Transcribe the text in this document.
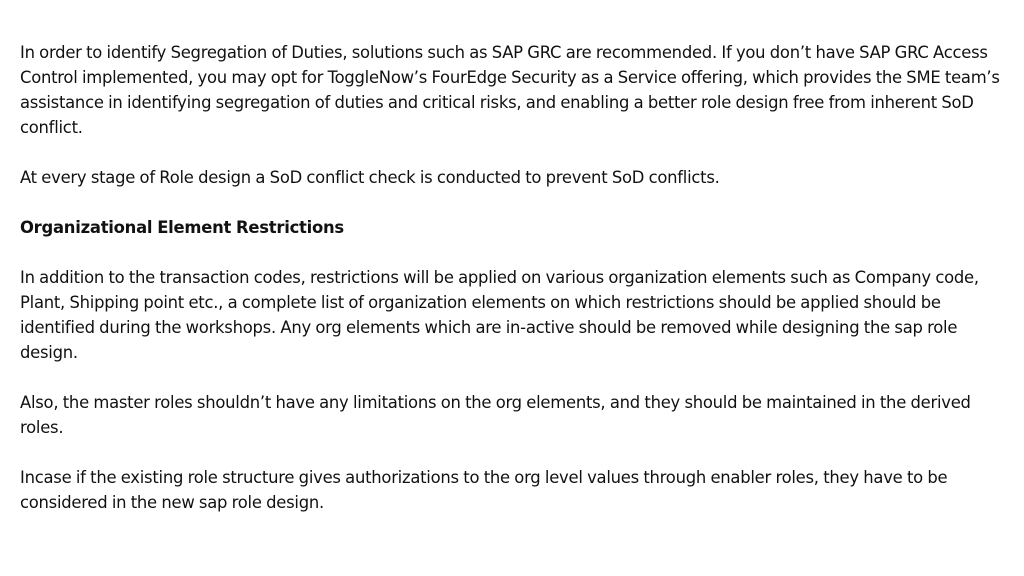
In order to identify Segregation of Duties, solutions such as SAP GRC are recommended. If you don’t have SAP GRC Access Control implemented, you may opt for ToggleNow’s FourEdge Security as a Service offering, which provides the SME team’s assistance in identifying segregation of duties and critical risks, and enabling a better role design free from inherent SoD conflict.

At every stage of Role design a SoD conflict check is conducted to prevent SoD conflicts.

Organizational Element Restrictions

In addition to the transaction codes, restrictions will be applied on various organization elements such as Company code, Plant, Shipping point etc., a complete list of organization elements on which restrictions should be applied should be identified during the workshops. Any org elements which are in-active should be removed while designing the sap role design.

Also, the master roles shouldn’t have any limitations on the org elements, and they should be maintained in the derived roles.

Incase if the existing role structure gives authorizations to the org level values through enabler roles, they have to be considered in the new sap role design.
